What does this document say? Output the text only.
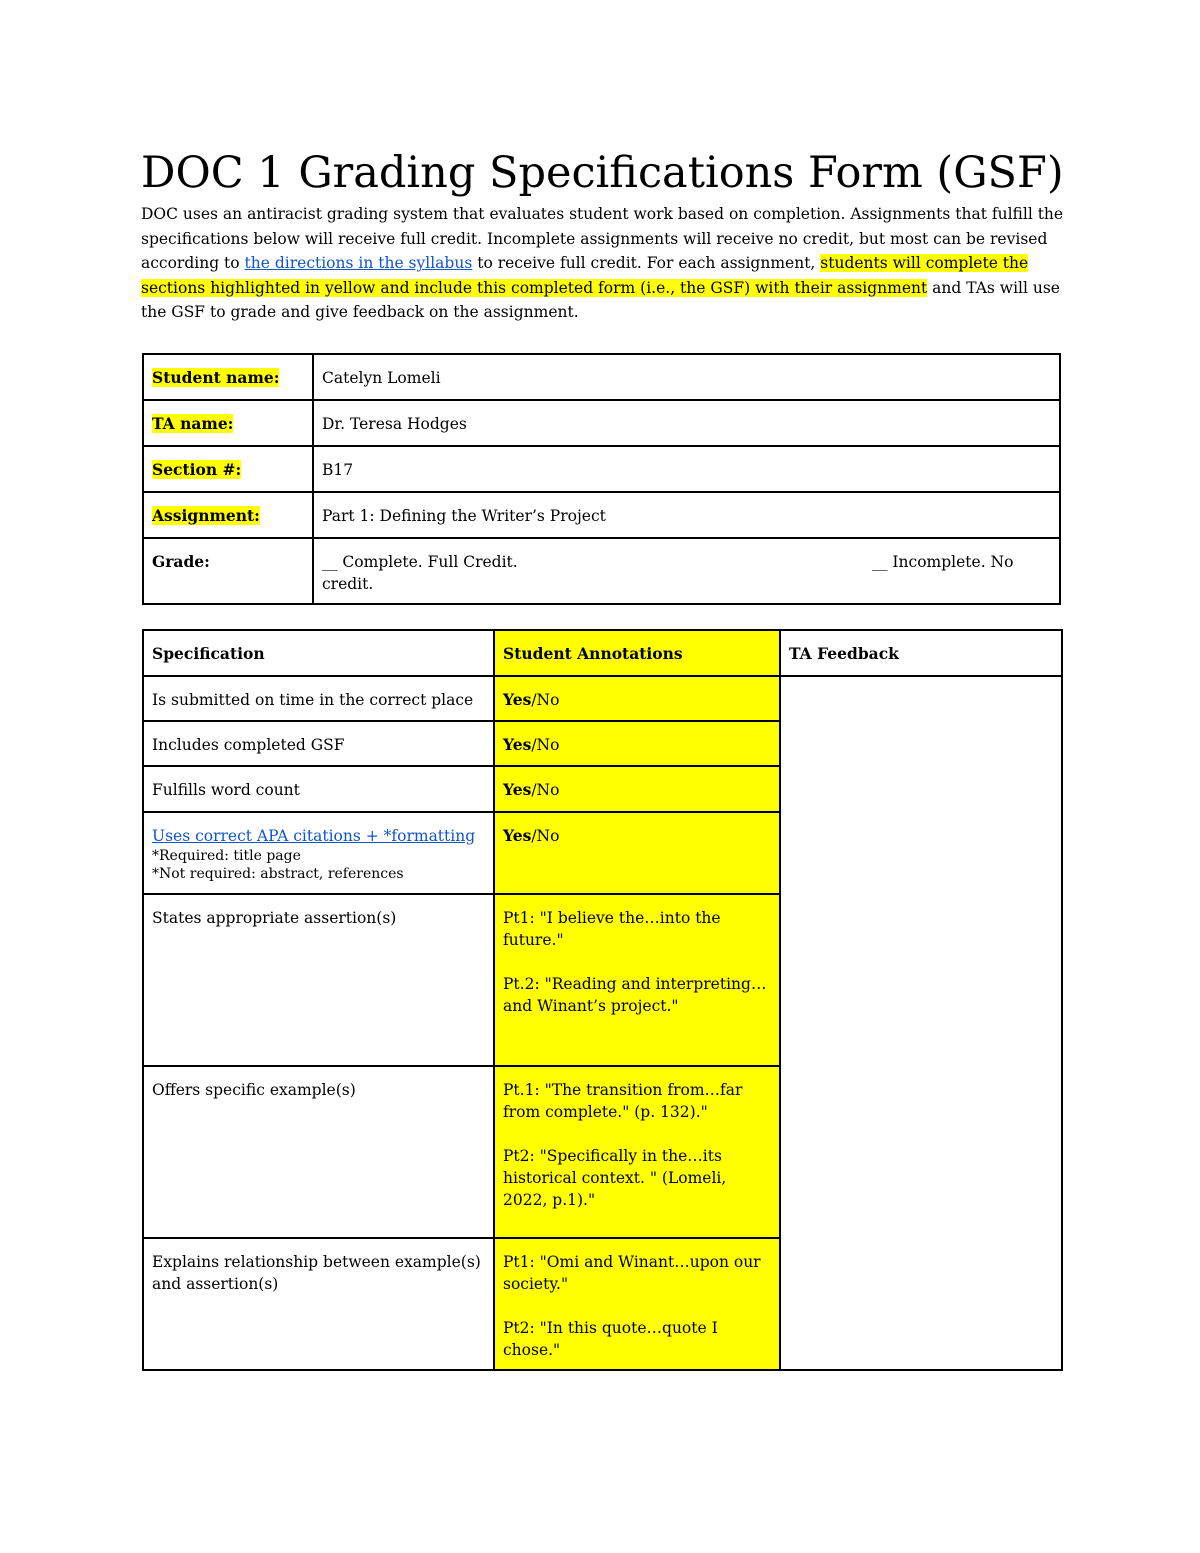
DOC 1 Grading Specifications Form (GSF)

DOC uses an antiracist grading system that evaluates student work based on completion. Assignments that fulfill the specifications below will receive full credit. Incomplete assignments will receive no credit, but most can be revised according to the directions in the syllabus to receive full credit. For each assignment, students will complete the sections highlighted in yellow and include this completed form (i.e., the GSF) with their assignment and TAs will use the GSF to grade and give feedback on the assignment.

Student name:	Catelyn Lomeli
TA name:	Dr. Teresa Hodges
Section #:	B17
Assignment:	Part 1: Defining the Writer’s Project
Grade:	__ Complete. Full Credit. __ Incomplete. No
credit.
Specification	Student Annotations	TA Feedback
Is submitted on time in the correct place	Yes/No	
Includes completed GSF	Yes/No	
Fulfills word count	Yes/No	
Uses correct APA citations + *formatting
*Required: title page
*Not required: abstract, references	Yes/No	
States appropriate assertion(s)	Pt1: "I believe the…into the future."
Pt.2: "Reading and interpreting…and Winant’s project."	

Offers specific example(s)	Pt.1: "The transition from…far from complete." (p. 132)."
Pt2: "Specifically in the…its historical context. " (Lomeli, 2022, p.1)."	

Explains relationship between example(s) and assertion(s)	Pt1: "Omi and Winant…upon our society."
Pt2: "In this quote…quote I chose."	
